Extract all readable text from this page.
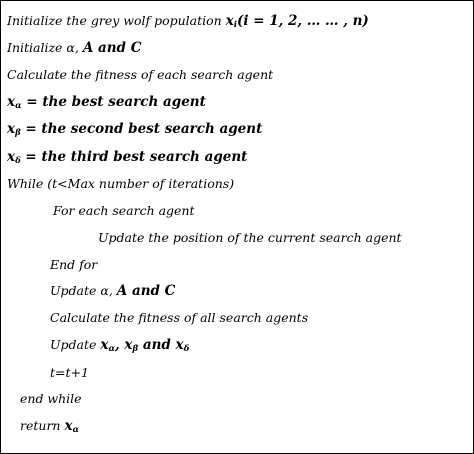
Initialize the grey wolf population $x_i(i = 1$, 2, … … , n)
Initialize α, A and C
Calculate the fitness of each search agent
$x_\alpha$ = the best search agent
$x_\beta$ = the second best search agent
$x_\delta$ = the third best search agent
While (t<Max number of iterations)
For each search agent
Update the position of the current search agent
End for
Update α, A and C
Calculate the fitness of all search agents
Update $x_\alpha$, $x_\beta$ and $x_\delta$
t=t+1
end while
return $x_\alpha$
